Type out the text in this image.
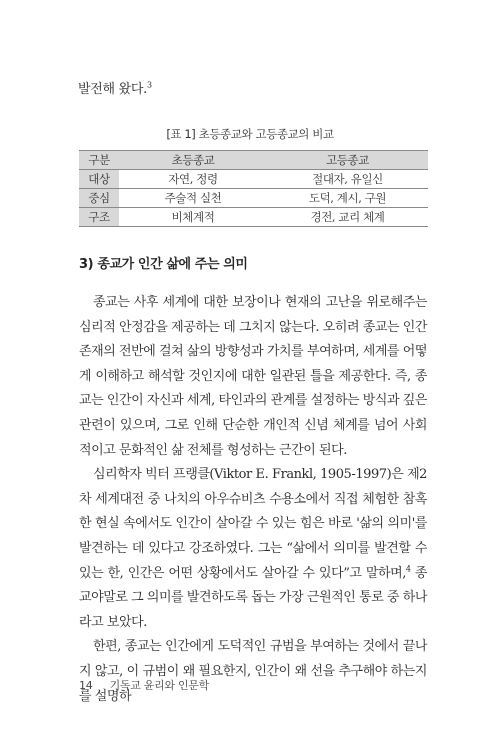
발전해 왔다.$^3$
[표 1] 초등종교와 고등종교의 비교
구분	초등종교	고등종교
대상	자연, 정령	절대자, 유일신
중심	주술적 실천	도덕, 계시, 구원
구조	비체계적	경전, 교리 체계
3) 종교가 인간 삶에 주는 의미

종교는 사후 세계에 대한 보장이나 현재의 고난을 위로해주는 심리적 안정감을 제공하는 데 그치지 않는다. 오히려 종교는 인간 존재의 전반에 걸쳐 삶의 방향성과 가치를 부여하며, 세계를 어떻게 이해하고 해석할 것인지에 대한 일관된 틀을 제공한다. 즉, 종교는 인간이 자신과 세계, 타인과의 관계를 설정하는 방식과 깊은 관련이 있으며, 그로 인해 단순한 개인적 신념 체계를 넘어 사회적이고 문화적인 삶 전체를 형성하는 근간이 된다.

심리학자 빅터 프랭클(Viktor E. Frankl, 1905-1997)은 제2차 세계대전 중 나치의 아우슈비츠 수용소에서 직접 체험한 참혹한 현실 속에서도 인간이 살아갈 수 있는 힘은 바로 '삶의 의미'를 발견하는 데 있다고 강조하였다. 그는 “삶에서 의미를 발견할 수 있는 한, 인간은 어떤 상황에서도 살아갈 수 있다”고 말하며,$^4$ 종교야말로 그 의미를 발견하도록 돕는 가장 근원적인 통로 중 하나라고 보았다.

한편, 종교는 인간에게 도덕적인 규범을 부여하는 것에서 끝나지 않고, 이 규범이 왜 필요한지, 인간이 왜 선을 추구해야 하는지를 설명하

14 기독교 윤리와 인문학
